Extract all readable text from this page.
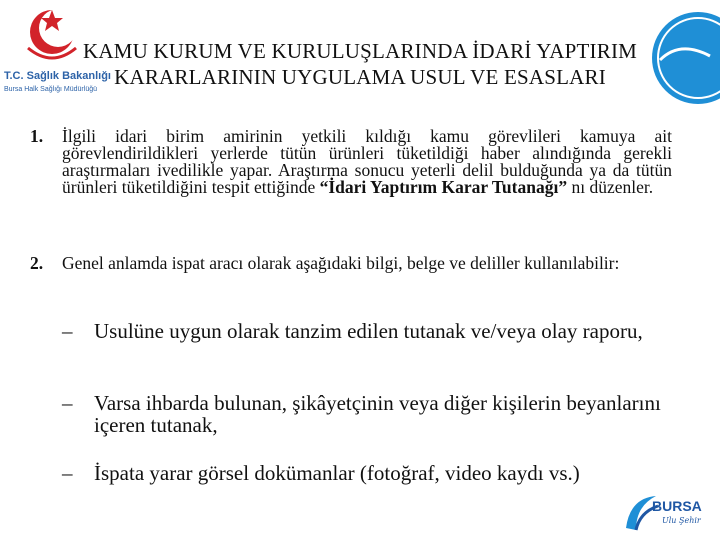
T.C. Sağlık Bakanlığı
Bursa Halk Sağlığı Müdürlüğü
KAMU KURUM VE KURULUŞLARINDA İDARİ YAPTIRIM
KARARLARININ UYGULAMA USUL VE ESASLARI
1. İlgili idari birim amirinin yetkili kıldığı kamu görevlileri kamuya ait görevlendirildikleri yerlerde tütün ürünleri tüketildiği haber alındığında gerekli araştırmaları ivedilikle yapar. Araştırma sonucu yeterli delil bulduğunda ya da tütün ürünleri tüketildiğini tespit ettiğinde “İdari Yaptırım Karar Tutanağı” nı düzenler.
2. Genel anlamda ispat aracı olarak aşağıdaki bilgi, belge ve deliller kullanılabilir:
– Usulüne uygun olarak tanzim edilen tutanak ve/veya olay raporu,
– Varsa ihbarda bulunan, şikâyetçinin veya diğer kişilerin beyanlarını içeren tutanak,
– İspata yarar görsel dokümanlar (fotoğraf, video kaydı vs.)
BURSA
Ulu Şehir
